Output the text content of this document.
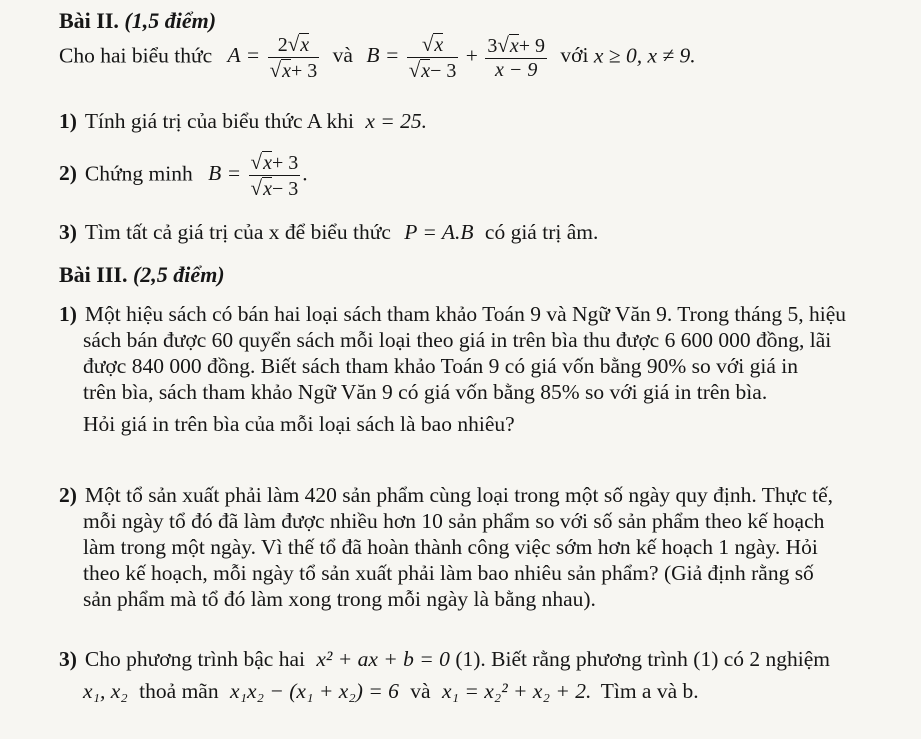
Bài II. (1,5 điểm)
Cho hai biểu thức $A = \frac{2√x}{√x+ 3}$ và $B = \frac{√x}{√x- 3} + \frac{3√x+ 9}{x - 9}$ với x ≥ 0, x ≠ 9.
1) Tính giá trị của biểu thức A khi x = 25.
2) Chứng minh $B = \frac{√x+ 3}{√x- 3}$ .
3) Tìm tất cả giá trị của x để biểu thức P = A.B có giá trị âm.
Bài III. (2,5 điểm)
1) Một hiệu sách có bán hai loại sách tham khảo Toán 9 và Ngữ Văn 9. Trong tháng 5, hiệu
sách bán được 60 quyển sách mỗi loại theo giá in trên bìa thu được 6 600 000 đồng, lãi
được 840 000 đồng. Biết sách tham khảo Toán 9 có giá vốn bằng 90% so với giá in
trên bìa, sách tham khảo Ngữ Văn 9 có giá vốn bằng 85% so với giá in trên bìa.
Hỏi giá in trên bìa của mỗi loại sách là bao nhiêu?
2) Một tổ sản xuất phải làm 420 sản phẩm cùng loại trong một số ngày quy định. Thực tế,
mỗi ngày tổ đó đã làm được nhiều hơn 10 sản phẩm so với số sản phẩm theo kế hoạch
làm trong một ngày. Vì thế tổ đã hoàn thành công việc sớm hơn kế hoạch 1 ngày. Hỏi
theo kế hoạch, mỗi ngày tổ sản xuất phải làm bao nhiêu sản phẩm? (Giả định rằng số
sản phẩm mà tổ đó làm xong trong mỗi ngày là bằng nhau).
3) Cho phương trình bậc hai x² + ax + b = 0 (1). Biết rằng phương trình (1) có 2 nghiệm
x₁, x₂ thoả mãn x₁x₂ − (x₁ + x₂) = 6 và x₁ = x₂² + x₂ + 2. Tìm a và b.
